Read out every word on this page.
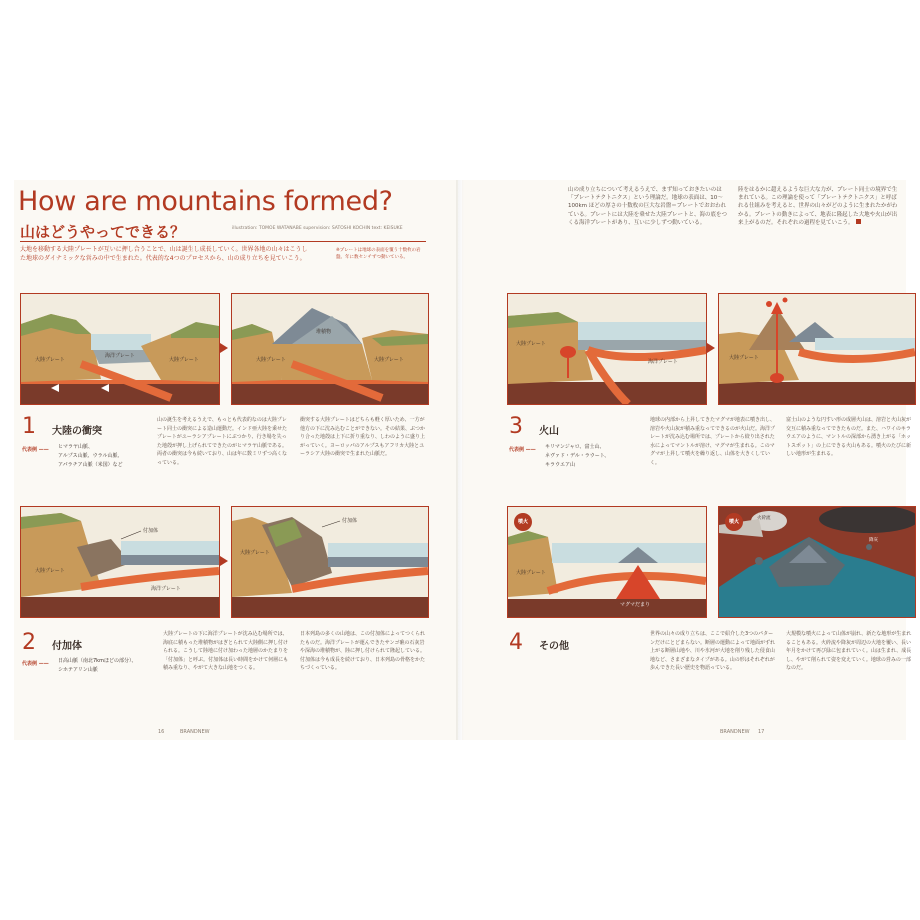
How are mountains formed?
山はどうやってできる？	illustration: TOMOE WATANABE supervision: SATOSHI KOCHIN text: KEISUKE
大地を移動する大陸プレートが互いに押し合うことで、山は誕生し成長していく。世界各地の山々はこうした地球のダイナミックな営みの中で生まれた。代表的な4つのプロセスから、山の成り立ちを見ていこう。
※プレートは地球の表面を覆う十数枚の岩盤。年に数センチずつ動いている。
山の成り立ちについて考えるうえで、まず知っておきたいのは「プレートテクトニクス」という理論だ。地球の表面は、10〜100km ほどの厚さの十数枚の巨大な岩盤＝プレートでおおわれている。プレートには大陸を乗せた大陸プレートと、海の底をつくる海洋プレートがあり、互いに少しずつ動いている。
陸をはるかに超えるような巨大な力が、プレート同士の境界で生まれている。この理論を使って「プレートテクトニクス」と呼ばれる仕組みを考えると、世界の山々がどのように生まれたかがわかる。プレートの動きによって、地表に隆起した大地や火山が出来上がるのだ。それぞれの過程を見ていこう。
大陸プレート
海洋プレート
大陸プレート
堆積物
大陸プレート	大陸プレート
大陸プレート
海洋プレート
大陸プレート
1 大陸の衝突
代表例 —— ヒマラヤ山脈、
アルプス山脈、ウラル山脈、
アパラチア山脈（米国）など
山の誕生を考えるうえで、もっとも代表的なのは大陸プレート同士の衝突による造山運動だ。インド亜大陸を乗せたプレートがユーラシアプレートにぶつかり、行き場を失った地殻が押し上げられてできたのがヒマラヤ山脈である。両者の衝突は今も続いており、山は年に数ミリずつ高くなっている。
衝突する大陸プレートはどちらも軽く厚いため、一方が他方の下に沈み込むことができない。その結果、ぶつかり合った地殻は上下に折り重なり、しわのように盛り上がっていく。ヨーロッパのアルプスもアフリカ大陸とユーラシア大陸の衝突で生まれた山脈だ。
3 火山
代表例 —— キリマンジャロ、富士山、
ネヴァド・デル・ラウート、
キラウエア山
地球の内部から上昇してきたマグマが地表に噴き出し、溶岩や火山灰が積み重なってできるのが火山だ。海洋プレートが沈み込む場所では、プレートから絞り出された水によってマントルが溶け、マグマが生まれる。このマグマが上昇して噴火を繰り返し、山体を大きくしていく。
富士山のような円すい形の成層火山は、溶岩と火山灰が交互に積み重なってできたものだ。また、ハワイのキラウエアのように、マントルの深部から湧き上がる「ホットスポット」の上にできる火山もある。噴火のたびに新しい地形が生まれる。
付加体
大陸プレート
海洋プレート
付加体
大陸プレート
噴火
大陸プレート
マグマだまり
噴火
火砕流
降灰
2 付加体
代表例 —— 日高山脈（南北7kmほどの部分）、
シホテアリン山脈
大陸プレートの下に海洋プレートが沈み込む場所では、海底に積もった堆積物がはぎとられて大陸側に押し付けられる。こうして陸地に付け加わった地層のかたまりを「付加体」と呼ぶ。付加体は長い時間をかけて何層にも積み重なり、やがて大きな山地をつくる。
日本列島の多くの山地は、この付加体によってつくられたものだ。海洋プレートが運んできたサンゴ礁の石灰岩や深海の堆積物が、陸に押し付けられて隆起している。付加体は今も成長を続けており、日本列島の骨格をかたちづくっている。
4 その他
世界の山々の成り立ちは、ここで紹介した3つのパターンだけにとどまらない。断層の運動によって地面がずれ上がる断層山地や、川や氷河が大地を削り残した侵食山地など、さまざまなタイプがある。山の形はそれぞれが歩んできた長い歴史を物語っている。
大規模な噴火によって山体が崩れ、新たな地形が生まれることもある。火砕流や降灰が周辺の大地を覆い、長い年月をかけて再び緑に包まれていく。山は生まれ、成長し、やがて削られて姿を変えていく。地球の営みの一部なのだ。
16	BRANDNEW	BRANDNEW 17
